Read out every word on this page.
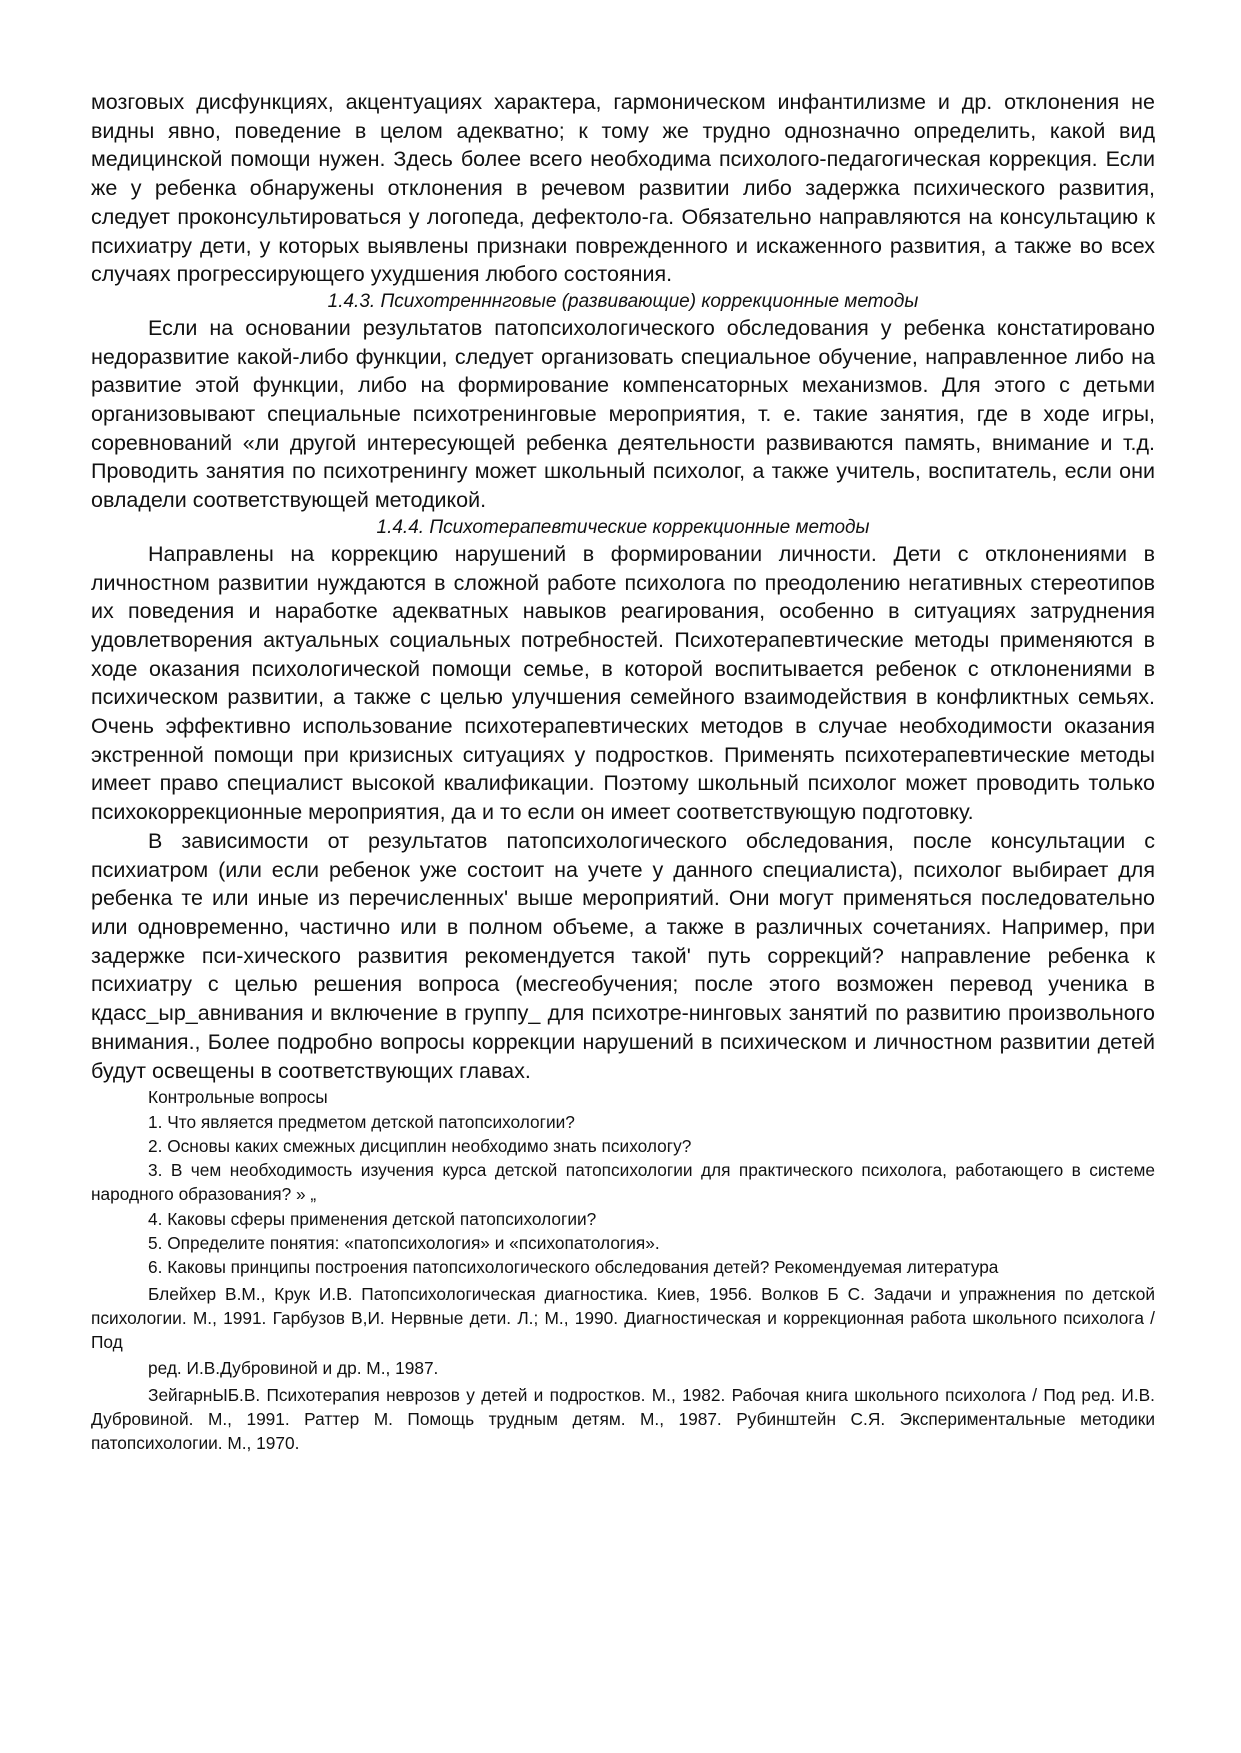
мозговых дисфункциях, акцентуациях характера, гармоническом инфантилизме и др. отклонения не видны явно, поведение в целом адекватно; к тому же трудно однозначно определить, какой вид медицинской помощи нужен. Здесь более всего необходима психолого-педагогическая коррекция. Если же у ребенка обнаружены отклонения в речевом развитии либо задержка психического развития, следует проконсультироваться у логопеда, дефектоло-га. Обязательно направляются на консультацию к психиатру дети, у которых выявлены признаки поврежденного и искаженного развития, а также во всех случаях прогрессирующего ухудшения любого состояния.

1.4.3. Психотренннговые (развивающие) коррекционные методы

Если на основании результатов патопсихологического обследования у ребенка констатировано недоразвитие какой-либо функции, следует организовать специальное обучение, направленное либо на развитие этой функции, либо на формирование компенсаторных механизмов. Для этого с детьми организовывают специальные психотренинговые мероприятия, т. е. такие занятия, где в ходе игры, соревнований «ли другой интересующей ребенка деятельности развиваются память, внимание и т.д. Проводить занятия по психотренингу может школьный психолог, а также учитель, воспитатель, если они овладели соответствующей методикой.

1.4.4. Психотерапевтические коррекционные методы

Направлены на коррекцию нарушений в формировании личности. Дети с отклонениями в личностном развитии нуждаются в сложной работе психолога по преодолению негативных стереотипов их поведения и наработке адекватных навыков реагирования, особенно в ситуациях затруднения удовлетворения актуальных социальных потребностей. Психотерапевтические методы применяются в ходе оказания психологической помощи семье, в которой воспитывается ребенок с отклонениями в психическом развитии, а также с целью улучшения семейного взаимодействия в конфликтных семьях. Очень эффективно использование психотерапевтических методов в случае необходимости оказания экстренной помощи при кризисных ситуациях у подростков. Применять психотерапевтические методы имеет право специалист высокой квалификации. Поэтому школьный психолог может проводить только психокоррекционные мероприятия, да и то если он имеет соответствующую подготовку.

В зависимости от результатов патопсихологического обследования, после консультации с психиатром (или если ребенок уже состоит на учете у данного специалиста), психолог выбирает для ребенка те или иные из перечисленных' выше мероприятий. Они могут применяться последовательно или одновременно, частично или в полном объеме, а также в различных сочетаниях. Например, при задержке пси-хического развития рекомендуется такой' путь соррекций? направление ребенка к психиатру с целью решения вопроса (месгеобучения; после этого возможен перевод ученика в кдасс_ыр_авнивания и включение в группу_ для психотре-нинговых занятий по развитию произвольного внимания., Более подробно вопросы коррекции нарушений в психическом и личностном развитии детей будут освещены в соответствующих главах.

Контрольные вопросы

1. Что является предметом детской патопсихологии?

2. Основы каких смежных дисциплин необходимо знать психологу?

3. В чем необходимость изучения курса детской патопсихологии для практического психолога, работающего в системе народного образования? » „

4. Каковы сферы применения детской патопсихологии?

5. Определите понятия: «патопсихология» и «психопатология».

6. Каковы принципы построения патопсихологического обследования детей? Рекомендуемая литература

Блейхер В.М., Крук И.В. Патопсихологическая диагностика. Киев, 1956. Волков Б С. Задачи и упражнения по детской психологии. М., 1991. Гарбузов В,И. Нервные дети. Л.; М., 1990. Диагностическая и коррекционная работа школьного психолога / Под

ред. И.В.Дубровиной и др. М., 1987.

ЗейгарнЫБ.В. Психотерапия неврозов у детей и подростков. М., 1982. Рабочая книга школьного психолога / Под ред. И.В. Дубровиной. М., 1991. Раттер М. Помощь трудным детям. М., 1987. Рубинштейн С.Я. Экспериментальные методики патопсихологии. М., 1970.
